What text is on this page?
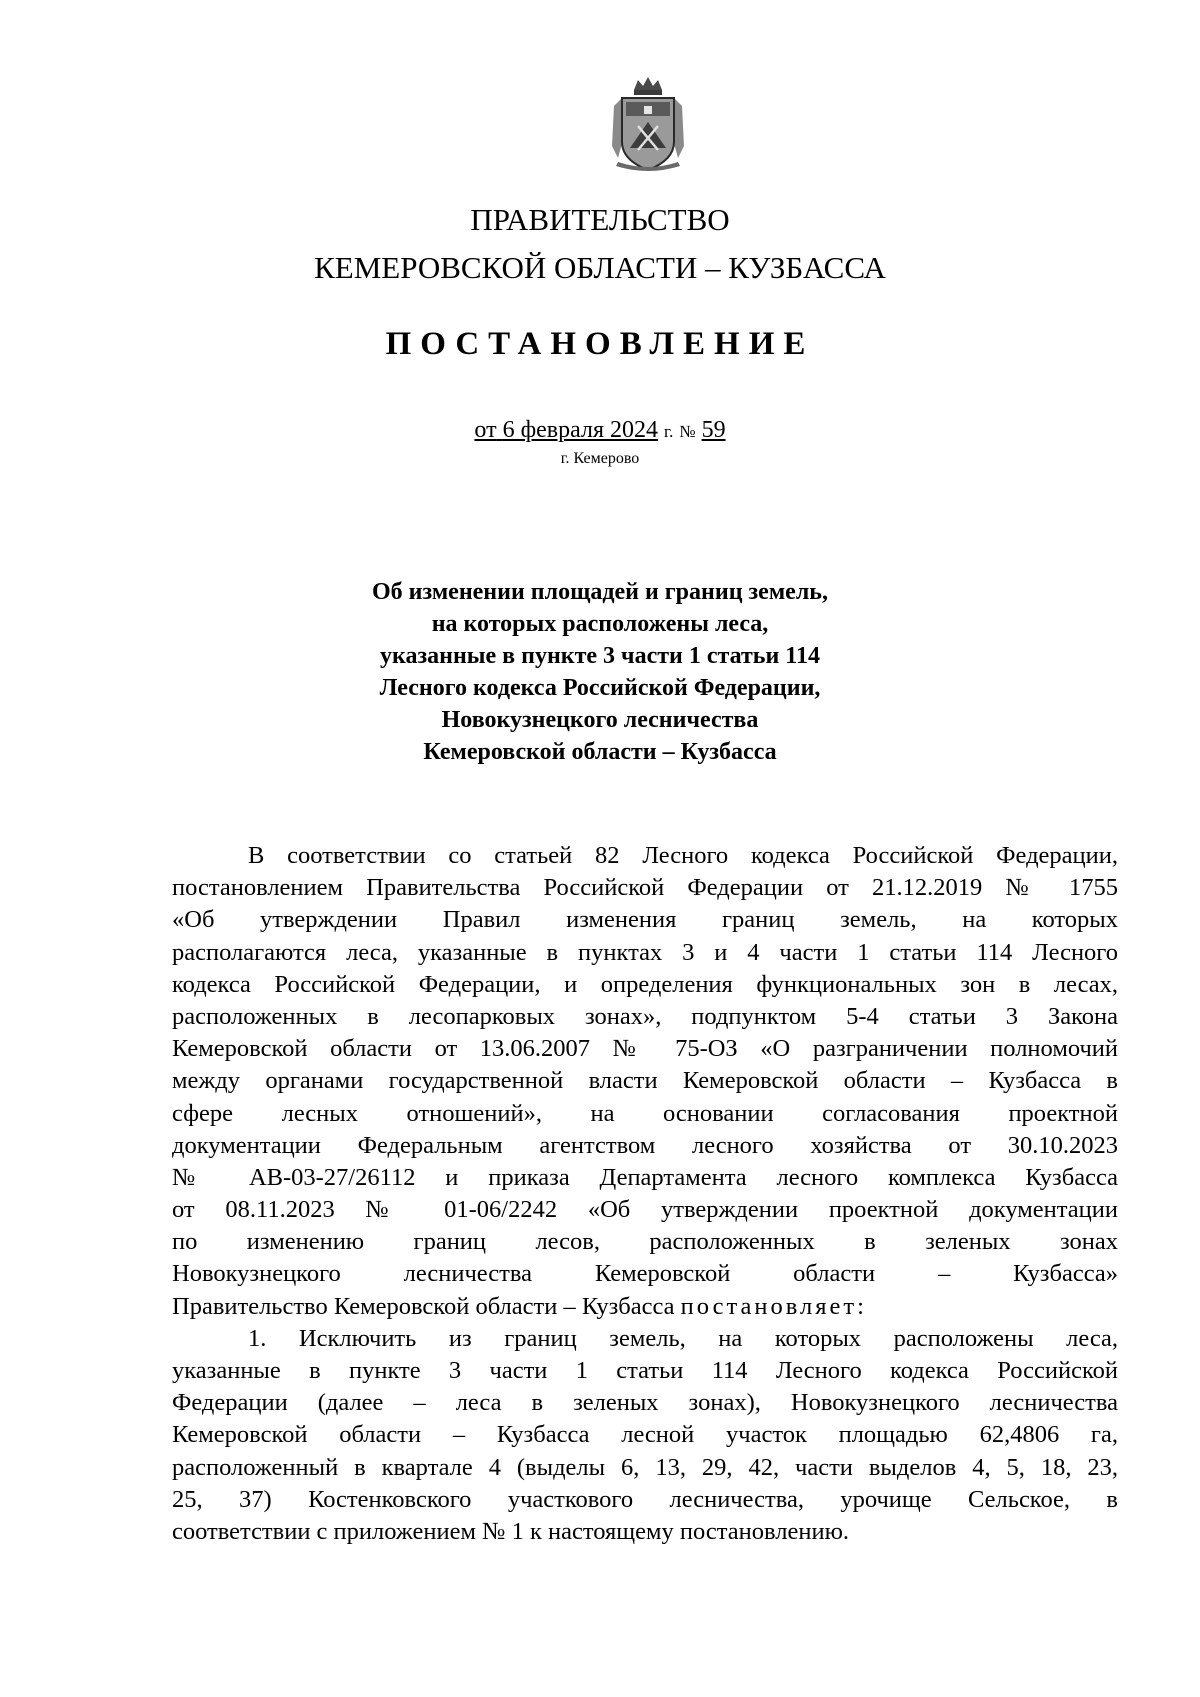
ПРАВИТЕЛЬСТВО
КЕМЕРОВСКОЙ ОБЛАСТИ – КУЗБАССА
ПОСТАНОВЛЕНИЕ
от 6 февраля 2024 г. № 59
г. Кемерово
Об изменении площадей и границ земель,
на которых расположены леса,
указанные в пункте 3 части 1 статьи 114
Лесного кодекса Российской Федерации,
Новокузнецкого лесничества
Кемеровской области – Кузбасса
В соответствии со статьей 82 Лесного кодекса Российской Федерации,
постановлением Правительства Российской Федерации от 21.12.2019 № 1755
«Об утверждении Правил изменения границ земель, на которых
располагаются леса, указанные в пунктах 3 и 4 части 1 статьи 114 Лесного
кодекса Российской Федерации, и определения функциональных зон в лесах,
расположенных в лесопарковых зонах», подпунктом 5-4 статьи 3 Закона
Кемеровской области от 13.06.2007 № 75-ОЗ «О разграничении полномочий
между органами государственной власти Кемеровской области – Кузбасса в
сфере лесных отношений», на основании согласования проектной
документации Федеральным агентством лесного хозяйства от 30.10.2023
№ АВ-03-27/26112 и приказа Департамента лесного комплекса Кузбасса
от 08.11.2023 № 01-06/2242 «Об утверждении проектной документации
по изменению границ лесов, расположенных в зеленых зонах
Новокузнецкого лесничества Кемеровской области – Кузбасса»
Правительство Кемеровской области – Кузбасса постановляет:
1. Исключить из границ земель, на которых расположены леса,
указанные в пункте 3 части 1 статьи 114 Лесного кодекса Российской
Федерации (далее – леса в зеленых зонах), Новокузнецкого лесничества
Кемеровской области – Кузбасса лесной участок площадью 62,4806 га,
расположенный в квартале 4 (выделы 6, 13, 29, 42, части выделов 4, 5, 18, 23,
25, 37) Костенковского участкового лесничества, урочище Сельское, в
соответствии с приложением № 1 к настоящему постановлению.
